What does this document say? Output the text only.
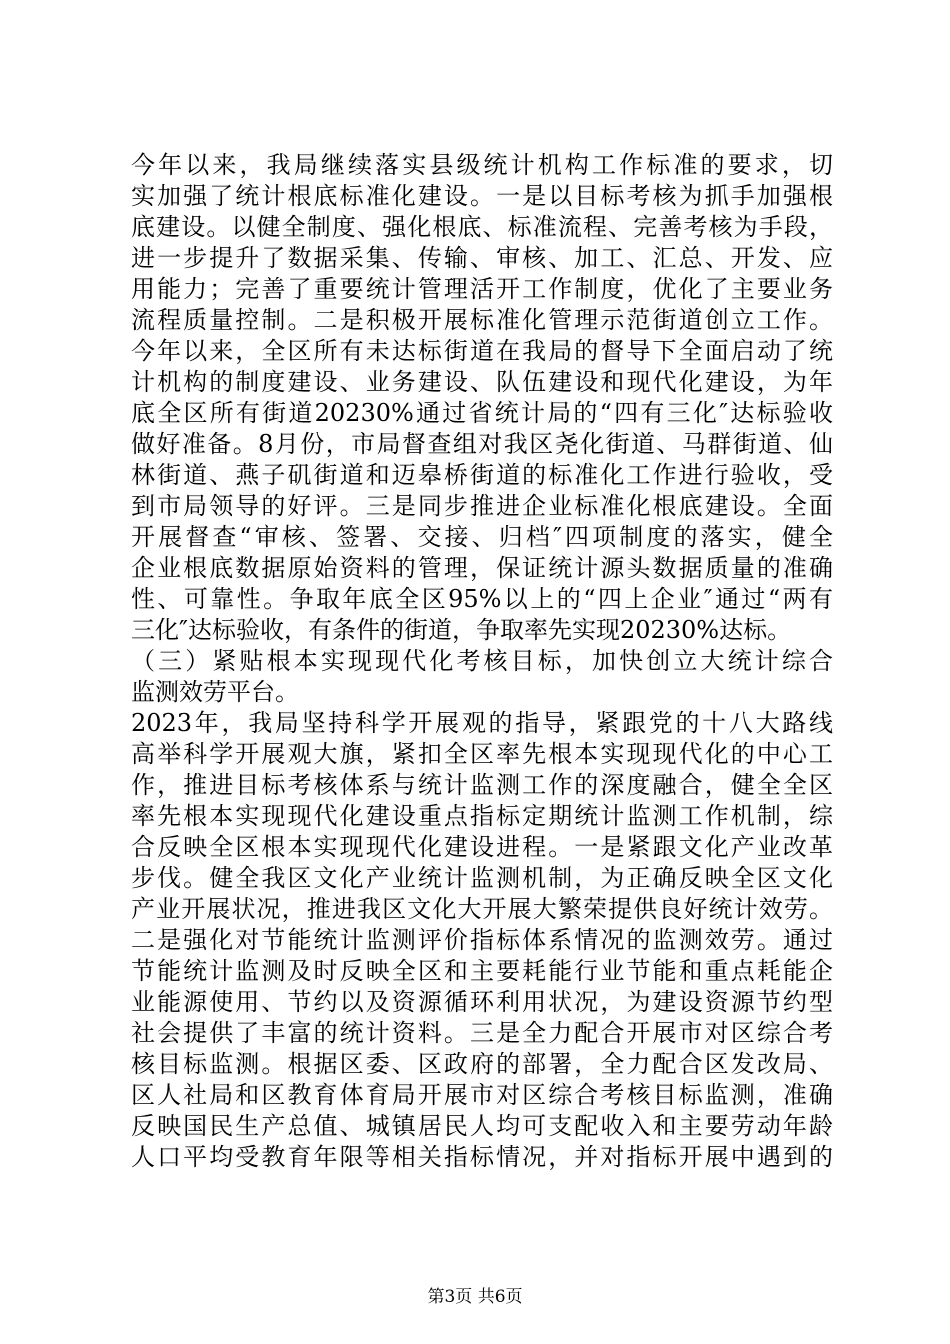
今年以来，我局继续落实县级统计机构工作标准的要求，切
实加强了统计根底标准化建设。一是以目标考核为抓手加强根
底建设。以健全制度、强化根底、标准流程、完善考核为手段，
进一步提升了数据采集、传输、审核、加工、汇总、开发、应
用能力；完善了重要统计管理活开工作制度，优化了主要业务
流程质量控制。二是积极开展标准化管理示范街道创立工作。
今年以来，全区所有未达标街道在我局的督导下全面启动了统
计机构的制度建设、业务建设、队伍建设和现代化建设，为年
底全区所有街道20230%通过省统计局的“四有三化″达标验收
做好准备。8月份，市局督查组对我区尧化街道、马群街道、仙
林街道、燕子矶街道和迈皋桥街道的标准化工作进行验收，受
到市局领导的好评。三是同步推进企业标准化根底建设。全面
开展督查“审核、签署、交接、归档″四项制度的落实，健全
企业根底数据原始资料的管理，保证统计源头数据质量的准确
性、可靠性。争取年底全区95%以上的“四上企业″通过“两有
三化″达标验收，有条件的街道，争取率先实现20230%达标。
（三）紧贴根本实现现代化考核目标，加快创立大统计综合
监测效劳平台。
2023年，我局坚持科学开展观的指导，紧跟党的十八大路线
高举科学开展观大旗，紧扣全区率先根本实现现代化的中心工
作，推进目标考核体系与统计监测工作的深度融合，健全全区
率先根本实现现代化建设重点指标定期统计监测工作机制，综
合反映全区根本实现现代化建设进程。一是紧跟文化产业改革
步伐。健全我区文化产业统计监测机制，为正确反映全区文化
产业开展状况，推进我区文化大开展大繁荣提供良好统计效劳。
二是强化对节能统计监测评价指标体系情况的监测效劳。通过
节能统计监测及时反映全区和主要耗能行业节能和重点耗能企
业能源使用、节约以及资源循环利用状况，为建设资源节约型
社会提供了丰富的统计资料。三是全力配合开展市对区综合考
核目标监测。根据区委、区政府的部署，全力配合区发改局、
区人社局和区教育体育局开展市对区综合考核目标监测，准确
反映国民生产总值、城镇居民人均可支配收入和主要劳动年龄
人口平均受教育年限等相关指标情况，并对指标开展中遇到的
第3页 共6页
